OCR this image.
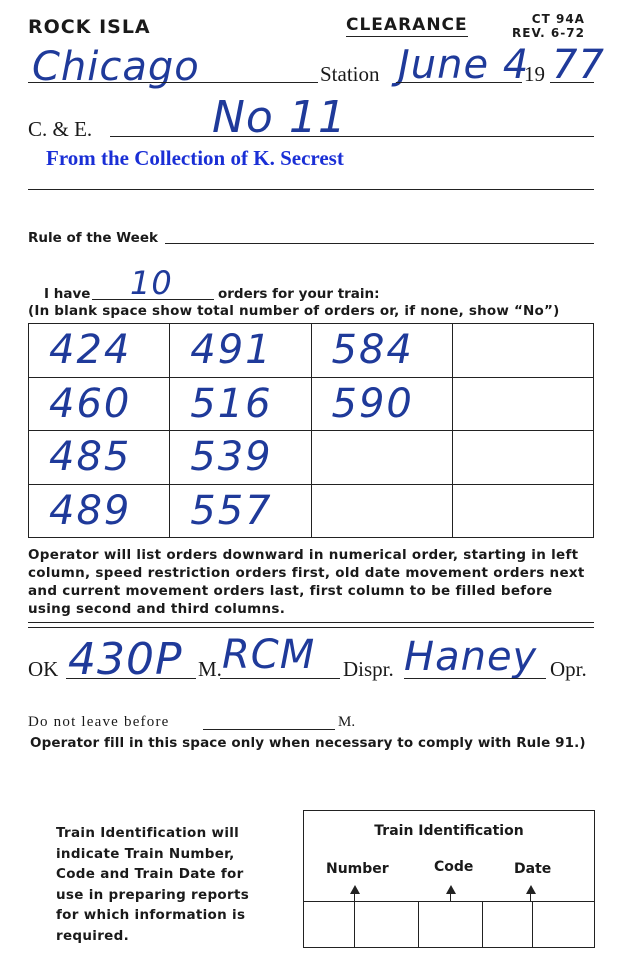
ROCK ISLA	CLEARANCE	CT 94A
REV. 6-72
Chicago	Station June 4
19 77
C. & E.	No 11
From the Collection of K. Secrest
Rule of the Week
I have 10	orders for your train:
(In blank space show total number of orders or, if none, show “No”)
424	491	584	
460	516	590	
485	539		
489	557		
Operator will list orders downward in numerical order, starting in left column, speed restriction orders first, old date movement orders next and current movement orders last, first column to be filled before using second and third columns.
OK 430P M. RCM Dispr. Haney Opr.
Do not leave before	M.
Operator fill in this space only when necessary to comply with Rule 91.)
Train Identification will indicate Train Number, Code and Train Date for use in preparing reports for which information is required.
Train Identification
Number	Code	Date
